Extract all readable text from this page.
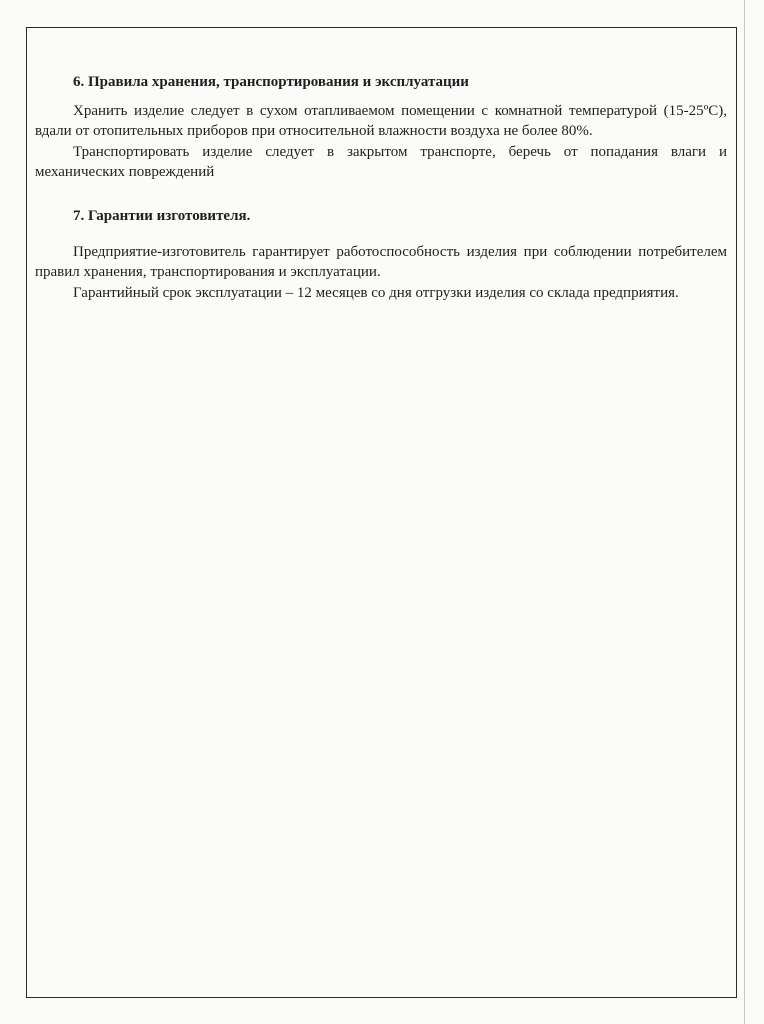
6. Правила хранения, транспортирования и эксплуатации

Хранить изделие следует в сухом отапливаемом помещении с комнатной температурой (15-25ºС), вдали от отопительных приборов при относительной влажности воздуха не более 80%.

Транспортировать изделие следует в закрытом транспорте, беречь от попадания влаги и механических повреждений

7. Гарантии изготовителя.

Предприятие-изготовитель гарантирует работоспособность изделия при соблюдении потребителем правил хранения, транспортирования и эксплуатации.

Гарантийный срок эксплуатации – 12 месяцев со дня отгрузки изделия со склада предприятия.
